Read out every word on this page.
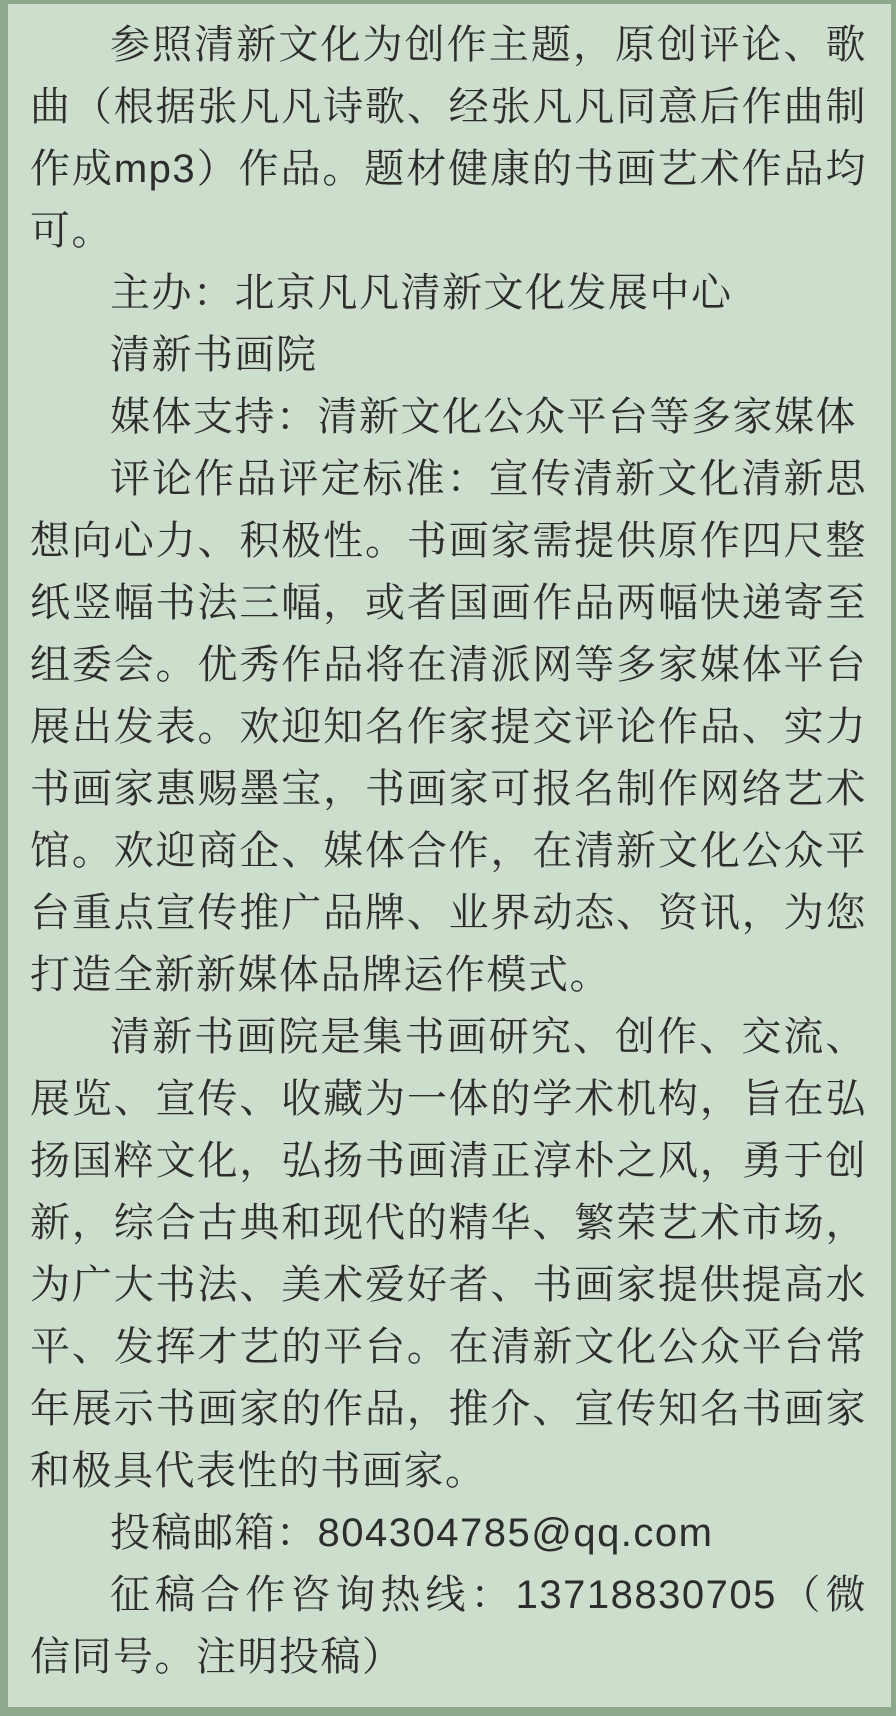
参照清新文化为创作主题，原创评论、歌曲（根据张凡凡诗歌、经张凡凡同意后作曲制作成mp3）作品。题材健康的书画艺术作品均可。

主办：北京凡凡清新文化发展中心

清新书画院

媒体支持：清新文化公众平台等多家媒体

评论作品评定标准：宣传清新文化清新思想向心力、积极性。书画家需提供原作四尺整纸竖幅书法三幅，或者国画作品两幅快递寄至组委会。优秀作品将在清派网等多家媒体平台展出发表。欢迎知名作家提交评论作品、实力书画家惠赐墨宝，书画家可报名制作网络艺术馆。欢迎商企、媒体合作，在清新文化公众平台重点宣传推广品牌、业界动态、资讯，为您打造全新新媒体品牌运作模式。

清新书画院是集书画研究、创作、交流、展览、宣传、收藏为一体的学术机构，旨在弘扬国粹文化，弘扬书画清正淳朴之风，勇于创新，综合古典和现代的精华、繁荣艺术市场，为广大书法、美术爱好者、书画家提供提高水平、发挥才艺的平台。在清新文化公众平台常年展示书画家的作品，推介、宣传知名书画家和极具代表性的书画家。

投稿邮箱：804304785@qq.com

征稿合作咨询热线：13718830705（微信同号。注明投稿）
